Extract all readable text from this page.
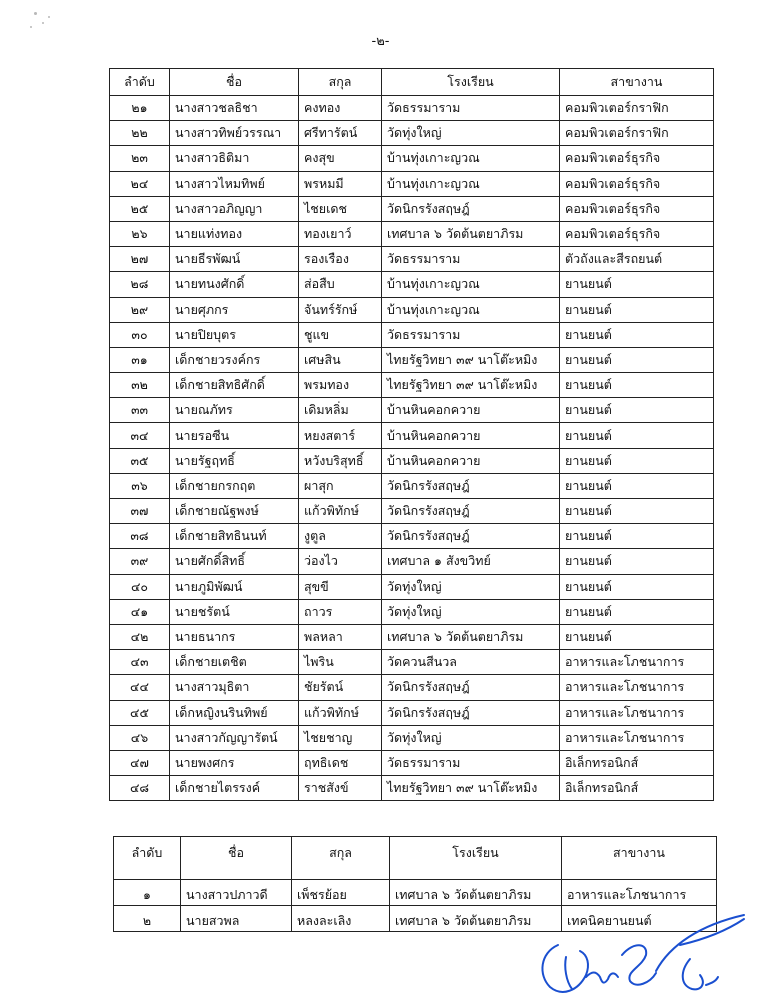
-๒-
ลำดับ	ชื่อ	สกุล	โรงเรียน	สาขางาน
๒๑	นางสาวชลธิชา	คงทอง	วัดธรรมาราม	คอมพิวเตอร์กราฟิก
๒๒	นางสาวทิพย์วรรณา	ศรีทารัตน์	วัดทุ่งใหญ่	คอมพิวเตอร์กราฟิก
๒๓	นางสาวธิติมา	คงสุข	บ้านทุ่งเกาะญวณ	คอมพิวเตอร์ธุรกิจ
๒๔	นางสาวไหมทิพย์	พรหมมี	บ้านทุ่งเกาะญวณ	คอมพิวเตอร์ธุรกิจ
๒๕	นางสาวอภิญญา	ไชยเดช	วัดนิกรรังสฤษฎ์	คอมพิวเตอร์ธุรกิจ
๒๖	นายแท่งทอง	ทองเยาว์	เทศบาล ๖ วัดต้นตยาภิรม	คอมพิวเตอร์ธุรกิจ
๒๗	นายธีรพัฒน์	รองเรือง	วัดธรรมาราม	ตัวถังและสีรถยนต์
๒๘	นายทนงศักดิ์	ส่อสืบ	บ้านทุ่งเกาะญวณ	ยานยนต์
๒๙	นายศุภกร	จันทร์รักษ์	บ้านทุ่งเกาะญวณ	ยานยนต์
๓๐	นายปิยบุตร	ชูแข	วัดธรรมาราม	ยานยนต์
๓๑	เด็กชายวรงค์กร	เศษสิน	ไทยรัฐวิทยา ๓๙ นาโต๊ะหมิง	ยานยนต์
๓๒	เด็กชายสิทธิศักดิ์	พรมทอง	ไทยรัฐวิทยา ๓๙ นาโต๊ะหมิง	ยานยนต์
๓๓	นายณภัทร	เดิมหลิ่ม	บ้านหินคอกควาย	ยานยนต์
๓๔	นายรอซีน	หยงสตาร์	บ้านหินคอกควาย	ยานยนต์
๓๕	นายรัฐฤทธิ์	หวังบริสุทธิ์	บ้านหินคอกควาย	ยานยนต์
๓๖	เด็กชายกรกฤต	ผาสุก	วัดนิกรรังสฤษฎ์	ยานยนต์
๓๗	เด็กชายณัฐพงษ์	แก้วพิทักษ์	วัดนิกรรังสฤษฎ์	ยานยนต์
๓๘	เด็กชายสิทธินนท์	งูตูล	วัดนิกรรังสฤษฎ์	ยานยนต์
๓๙	นายศักดิ์สิทธิ์	ว่องไว	เทศบาล ๑ สังขวิทย์	ยานยนต์
๔๐	นายภูมิพัฒน์	สุขขี	วัดทุ่งใหญ่	ยานยนต์
๔๑	นายชรัตน์	ถาวร	วัดทุ่งใหญ่	ยานยนต์
๔๒	นายธนากร	พลหลา	เทศบาล ๖ วัดต้นตยาภิรม	ยานยนต์
๔๓	เด็กชายเตชิต	ไพริน	วัดควนสีนวล	อาหารและโภชนาการ
๔๔	นางสาวมุธิตา	ชัยรัตน์	วัดนิกรรังสฤษฎ์	อาหารและโภชนาการ
๔๕	เด็กหญิงนรินทิพย์	แก้วพิทักษ์	วัดนิกรรังสฤษฎ์	อาหารและโภชนาการ
๔๖	นางสาวกัญญารัตน์	ไชยชาญ	วัดทุ่งใหญ่	อาหารและโภชนาการ
๔๗	นายพงศกร	ฤทธิเดช	วัดธรรมาราม	อิเล็กทรอนิกส์
๔๘	เด็กชายไตรรงค์	ราชสังข์	ไทยรัฐวิทยา ๓๙ นาโต๊ะหมิง	อิเล็กทรอนิกส์
ลำดับ	ชื่อ	สกุล	โรงเรียน	สาขางาน
๑	นางสาวปภาวดี	เพ็ชรย้อย	เทศบาล ๖ วัดต้นตยาภิรม	อาหารและโภชนาการ
๒	นายสวพล	หลงละเลิง	เทศบาล ๖ วัดต้นตยาภิรม	เทคนิคยานยนต์
